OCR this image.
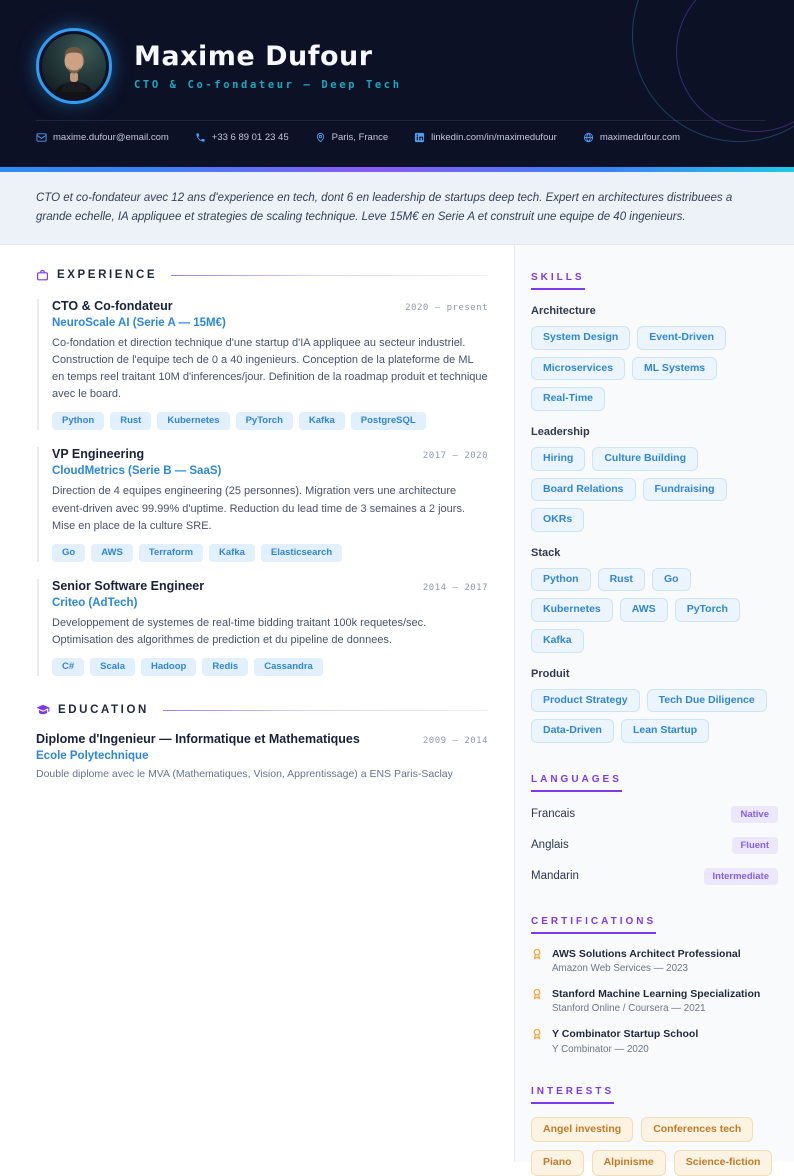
Maxime Dufour
CTO & Co-fondateur — Deep Tech
maxime.dufour@email.com	+33 6 89 01 23 45	Paris, France	linkedin.com/in/maximedufour	maximedufour.com
CTO et co-fondateur avec 12 ans d'experience en tech, dont 6 en leadership de startups deep tech. Expert en architectures distribuees a grande echelle, IA appliquee et strategies de scaling technique. Leve 15M€ en Serie A et construit une equipe de 40 ingenieurs.
EXPERIENCE
CTO & Co-fondateur	2020 — present
NeuroScale AI (Serie A — 15M€)

Co-fondation et direction technique d'une startup d'IA appliquee au secteur industriel. Construction de l'equipe tech de 0 a 40 ingenieurs. Conception de la plateforme de ML en temps reel traitant 10M d'inferences/jour. Definition de la roadmap produit et technique avec le board.

Python	Rust	Kubernetes	PyTorch	Kafka	PostgreSQL
VP Engineering	2017 — 2020
CloudMetrics (Serie B — SaaS)

Direction de 4 equipes engineering (25 personnes). Migration vers une architecture event-driven avec 99.99% d'uptime. Reduction du lead time de 3 semaines a 2 jours. Mise en place de la culture SRE.

Go	AWS	Terraform	Kafka	Elasticsearch
Senior Software Engineer	2014 — 2017
Criteo (AdTech)

Developpement de systemes de real-time bidding traitant 100k requetes/sec. Optimisation des algorithmes de prediction et du pipeline de donnees.

C#	Scala	Hadoop	Redis	Cassandra
EDUCATION
Diplome d'Ingenieur — Informatique et Mathematiques	2009 — 2014
Ecole Polytechnique
Double diplome avec le MVA (Mathematiques, Vision, Apprentissage) a ENS Paris-Saclay
SKILLS
Architecture
System Design	Event-Driven
Microservices	ML Systems
Real-Time
Leadership
Hiring	Culture Building
Board Relations	Fundraising
OKRs
Stack
Python	Rust	Go
Kubernetes	AWS	PyTorch
Kafka
Produit
Product Strategy	Tech Due Diligence
Data-Driven	Lean Startup
LANGUAGES
Francais	Native
Anglais	Fluent
Mandarin	Intermediate
CERTIFICATIONS
AWS Solutions Architect Professional
Amazon Web Services — 2023
Stanford Machine Learning Specialization
Stanford Online / Coursera — 2021
Y Combinator Startup School
Y Combinator — 2020
INTERESTS
Angel investing	Conferences tech
Piano	Alpinisme	Science-fiction
